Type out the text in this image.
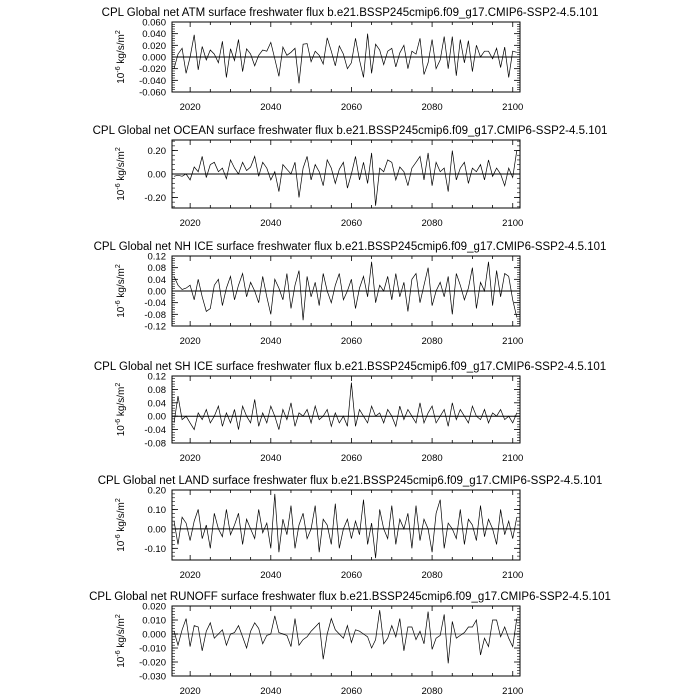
CPL Global net ATM surface freshwater flux b.e21.BSSP245cmip6.f09_g17.CMIP6-SSP2-4.5.101
$10^{-6}$ $kg/s/m^2$
2020	2040	2060	2080	2100
-0.060
-0.040
-0.020
0.000
0.020
0.040
0.060
CPL Global net OCEAN surface freshwater flux b.e21.BSSP245cmip6.f09_g17.CMIP6-SSP2-4.5.101
$10^{-6}$ $kg/s/m^2$
2020	2040	2060	2080	2100
-0.20
0.00
0.20
CPL Global net NH ICE surface freshwater flux b.e21.BSSP245cmip6.f09_g17.CMIP6-SSP2-4.5.101
$10^{-6}$ $kg/s/m^2$
2020	2040	2060	2080	2100
-0.12
-0.08
-0.04
0.00
0.04
0.08
0.12
CPL Global net SH ICE surface freshwater flux b.e21.BSSP245cmip6.f09_g17.CMIP6-SSP2-4.5.101
$10^{-6}$ $kg/s/m^2$
2020	2040	2060	2080	2100
-0.08
-0.04
0.00
0.04
0.08
0.12
CPL Global net LAND surface freshwater flux b.e21.BSSP245cmip6.f09_g17.CMIP6-SSP2-4.5.101
$10^{-6}$ $kg/s/m^2$
2020	2040	2060	2080	2100
-0.10
0.00
0.10
0.20
CPL Global net RUNOFF surface freshwater flux b.e21.BSSP245cmip6.f09_g17.CMIP6-SSP2-4.5.101
$10^{-6}$ $kg/s/m^2$
2020	2040	2060	2080	2100
-0.030
-0.020
-0.010
0.000
0.010
0.020
